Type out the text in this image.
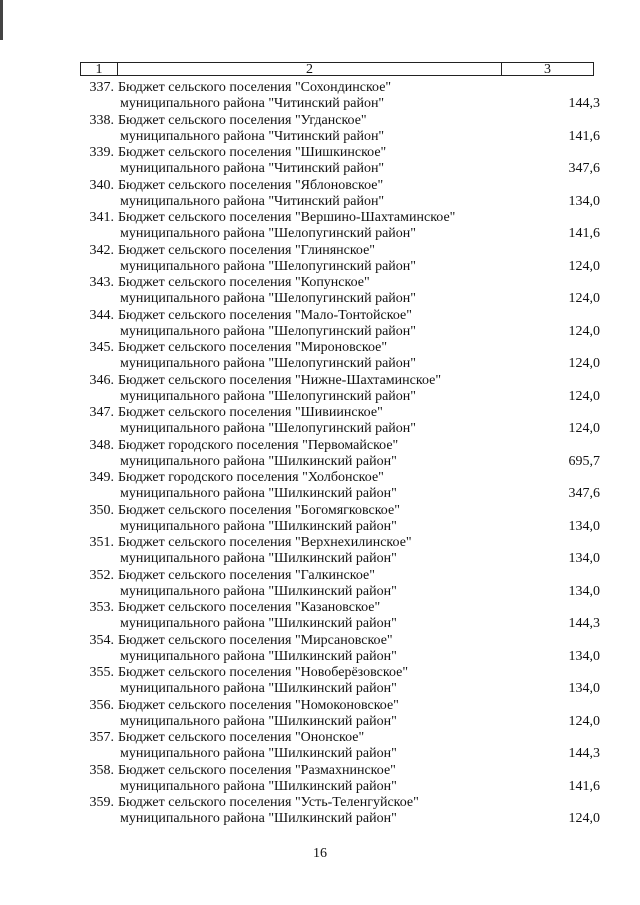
1	2	3
337. Бюджет сельского поселения "Сохондинское"
муниципального района "Читинский район"	144,3
338. Бюджет сельского поселения "Угданское"
муниципального района "Читинский район"	141,6
339. Бюджет сельского поселения "Шишкинское"
муниципального района "Читинский район"	347,6
340. Бюджет сельского поселения "Яблоновское"
муниципального района "Читинский район"	134,0
341. Бюджет сельского поселения "Вершино-Шахтаминское"
муниципального района "Шелопугинский район"	141,6
342. Бюджет сельского поселения "Глинянское"
муниципального района "Шелопугинский район"	124,0
343. Бюджет сельского поселения "Копунское"
муниципального района "Шелопугинский район"	124,0
344. Бюджет сельского поселения "Мало-Тонтойское"
муниципального района "Шелопугинский район"	124,0
345. Бюджет сельского поселения "Мироновское"
муниципального района "Шелопугинский район"	124,0
346. Бюджет сельского поселения "Нижне-Шахтаминское"
муниципального района "Шелопугинский район"	124,0
347. Бюджет сельского поселения "Шивиинское"
муниципального района "Шелопугинский район"	124,0
348. Бюджет городского поселения "Первомайское"
муниципального района "Шилкинский район"	695,7
349. Бюджет городского поселения "Холбонское"
муниципального района "Шилкинский район"	347,6
350. Бюджет сельского поселения "Богомягковское"
муниципального района "Шилкинский район"	134,0
351. Бюджет сельского поселения "Верхнехилинское"
муниципального района "Шилкинский район"	134,0
352. Бюджет сельского поселения "Галкинское"
муниципального района "Шилкинский район"	134,0
353. Бюджет сельского поселения "Казановское"
муниципального района "Шилкинский район"	144,3
354. Бюджет сельского поселения "Мирсановское"
муниципального района "Шилкинский район"	134,0
355. Бюджет сельского поселения "Новоберёзовское"
муниципального района "Шилкинский район"	134,0
356. Бюджет сельского поселения "Номоконовское"
муниципального района "Шилкинский район"	124,0
357. Бюджет сельского поселения "Ононское"
муниципального района "Шилкинский район"	144,3
358. Бюджет сельского поселения "Размахнинское"
муниципального района "Шилкинский район"	141,6
359. Бюджет сельского поселения "Усть-Теленгуйское"
муниципального района "Шилкинский район"	124,0
16
